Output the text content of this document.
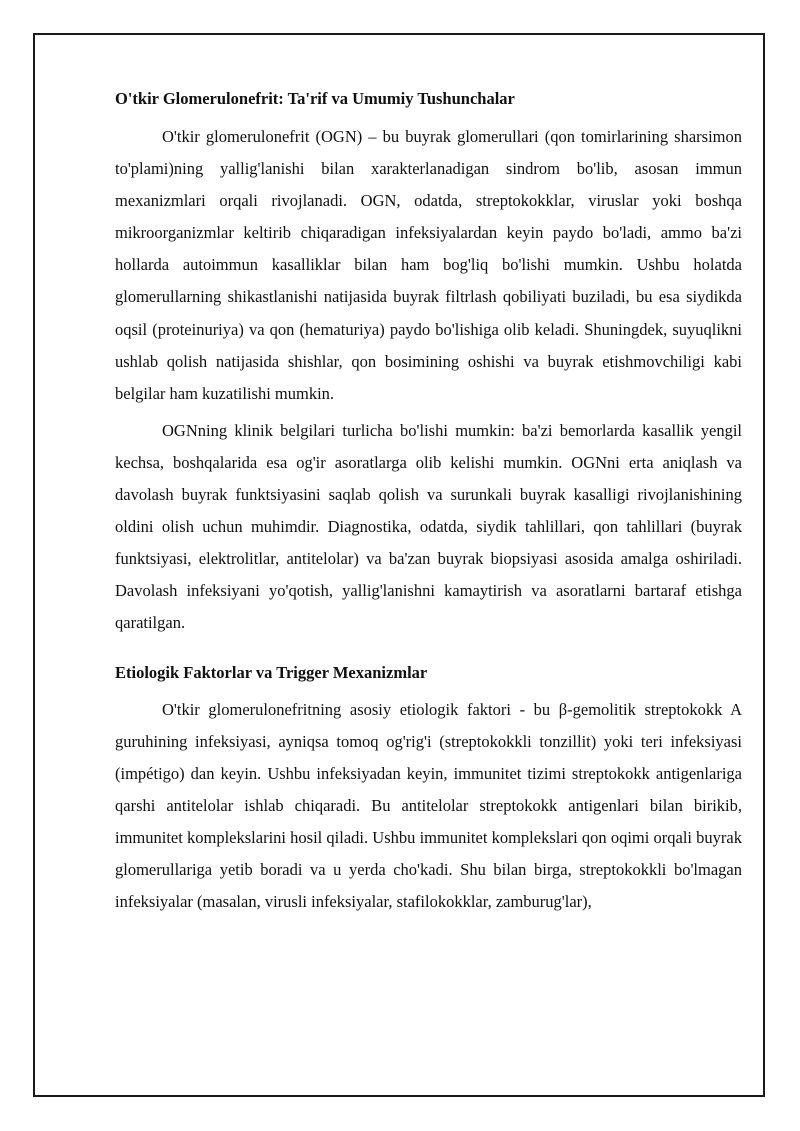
O'tkir Glomerulonefrit: Ta'rif va Umumiy Tushunchalar

O'tkir glomerulonefrit (OGN) – bu buyrak glomerullari (qon tomirlarining sharsimon to'plami)ning yallig'lanishi bilan xarakterlanadigan sindrom bo'lib, asosan immun mexanizmlari orqali rivojlanadi. OGN, odatda, streptokokklar, viruslar yoki boshqa mikroorganizmlar keltirib chiqaradigan infeksiyalardan keyin paydo bo'ladi, ammo ba'zi hollarda autoimmun kasalliklar bilan ham bog'liq bo'lishi mumkin. Ushbu holatda glomerullarning shikastlanishi natijasida buyrak filtrlash qobiliyati buziladi, bu esa siydikda oqsil (proteinuriya) va qon (hematuriya) paydo bo'lishiga olib keladi. Shuningdek, suyuqlikni ushlab qolish natijasida shishlar, qon bosimining oshishi va buyrak etishmovchiligi kabi belgilar ham kuzatilishi mumkin.

OGNning klinik belgilari turlicha bo'lishi mumkin: ba'zi bemorlarda kasallik yengil kechsa, boshqalarida esa og'ir asoratlarga olib kelishi mumkin. OGNni erta aniqlash va davolash buyrak funktsiyasini saqlab qolish va surunkali buyrak kasalligi rivojlanishining oldini olish uchun muhimdir. Diagnostika, odatda, siydik tahlillari, qon tahlillari (buyrak funktsiyasi, elektrolitlar, antitelolar) va ba'zan buyrak biopsiyasi asosida amalga oshiriladi. Davolash infeksiyani yo'qotish, yallig'lanishni kamaytirish va asoratlarni bartaraf etishga qaratilgan.

Etiologik Faktorlar va Trigger Mexanizmlar

O'tkir glomerulonefritning asosiy etiologik faktori - bu β-gemolitik streptokokk A guruhining infeksiyasi, ayniqsa tomoq og'rig'i (streptokokkli tonzillit) yoki teri infeksiyasi (impétigo) dan keyin. Ushbu infeksiyadan keyin, immunitet tizimi streptokokk antigenlariga qarshi antitelolar ishlab chiqaradi. Bu antitelolar streptokokk antigenlari bilan birikib, immunitet komplekslarini hosil qiladi. Ushbu immunitet komplekslari qon oqimi orqali buyrak glomerullariga yetib boradi va u yerda cho'kadi. Shu bilan birga, streptokokkli bo'lmagan infeksiyalar (masalan, virusli infeksiyalar, stafilokokklar, zamburug'lar),
